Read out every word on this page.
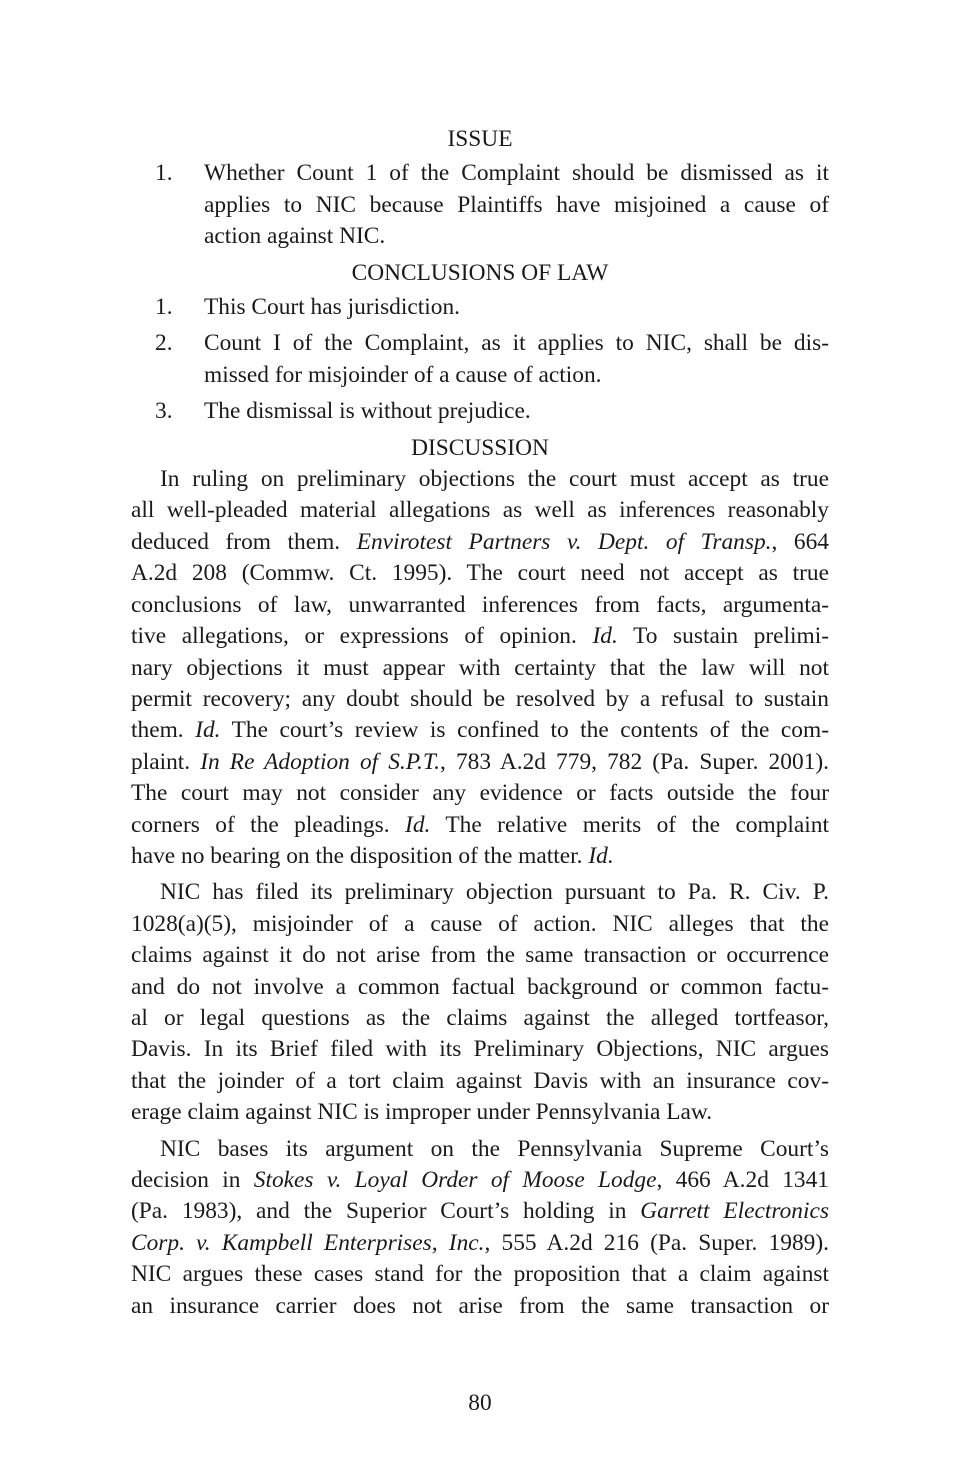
ISSUE
1.	Whether Count 1 of the Complaint should be dismissed as it
applies to NIC because Plaintiffs have misjoined a cause of
action against NIC.
CONCLUSIONS OF LAW
1.	This Court has jurisdiction.
2.	Count I of the Complaint, as it applies to NIC, shall be dis-
missed for misjoinder of a cause of action.
3.	The dismissal is without prejudice.
DISCUSSION

In ruling on preliminary objections the court must accept as true
all well-pleaded material allegations as well as inferences reasonably
deduced from them. Envirotest Partners v. Dept. of Transp., 664
A.2d 208 (Commw. Ct. 1995). The court need not accept as true
conclusions of law, unwarranted inferences from facts, argumenta-
tive allegations, or expressions of opinion. Id. To sustain prelimi-
nary objections it must appear with certainty that the law will not
permit recovery; any doubt should be resolved by a refusal to sustain
them. Id. The court’s review is confined to the contents of the com-
plaint. In Re Adoption of S.P.T., 783 A.2d 779, 782 (Pa. Super. 2001).
The court may not consider any evidence or facts outside the four
corners of the pleadings. Id. The relative merits of the complaint
have no bearing on the disposition of the matter. Id.

NIC has filed its preliminary objection pursuant to Pa. R. Civ. P.
1028(a)(5), misjoinder of a cause of action. NIC alleges that the
claims against it do not arise from the same transaction or occurrence
and do not involve a common factual background or common factu-
al or legal questions as the claims against the alleged tortfeasor,
Davis. In its Brief filed with its Preliminary Objections, NIC argues
that the joinder of a tort claim against Davis with an insurance cov-
erage claim against NIC is improper under Pennsylvania Law.

NIC bases its argument on the Pennsylvania Supreme Court’s
decision in Stokes v. Loyal Order of Moose Lodge, 466 A.2d 1341
(Pa. 1983), and the Superior Court’s holding in Garrett Electronics
Corp. v. Kampbell Enterprises, Inc., 555 A.2d 216 (Pa. Super. 1989).
NIC argues these cases stand for the proposition that a claim against
an insurance carrier does not arise from the same transaction or

80
